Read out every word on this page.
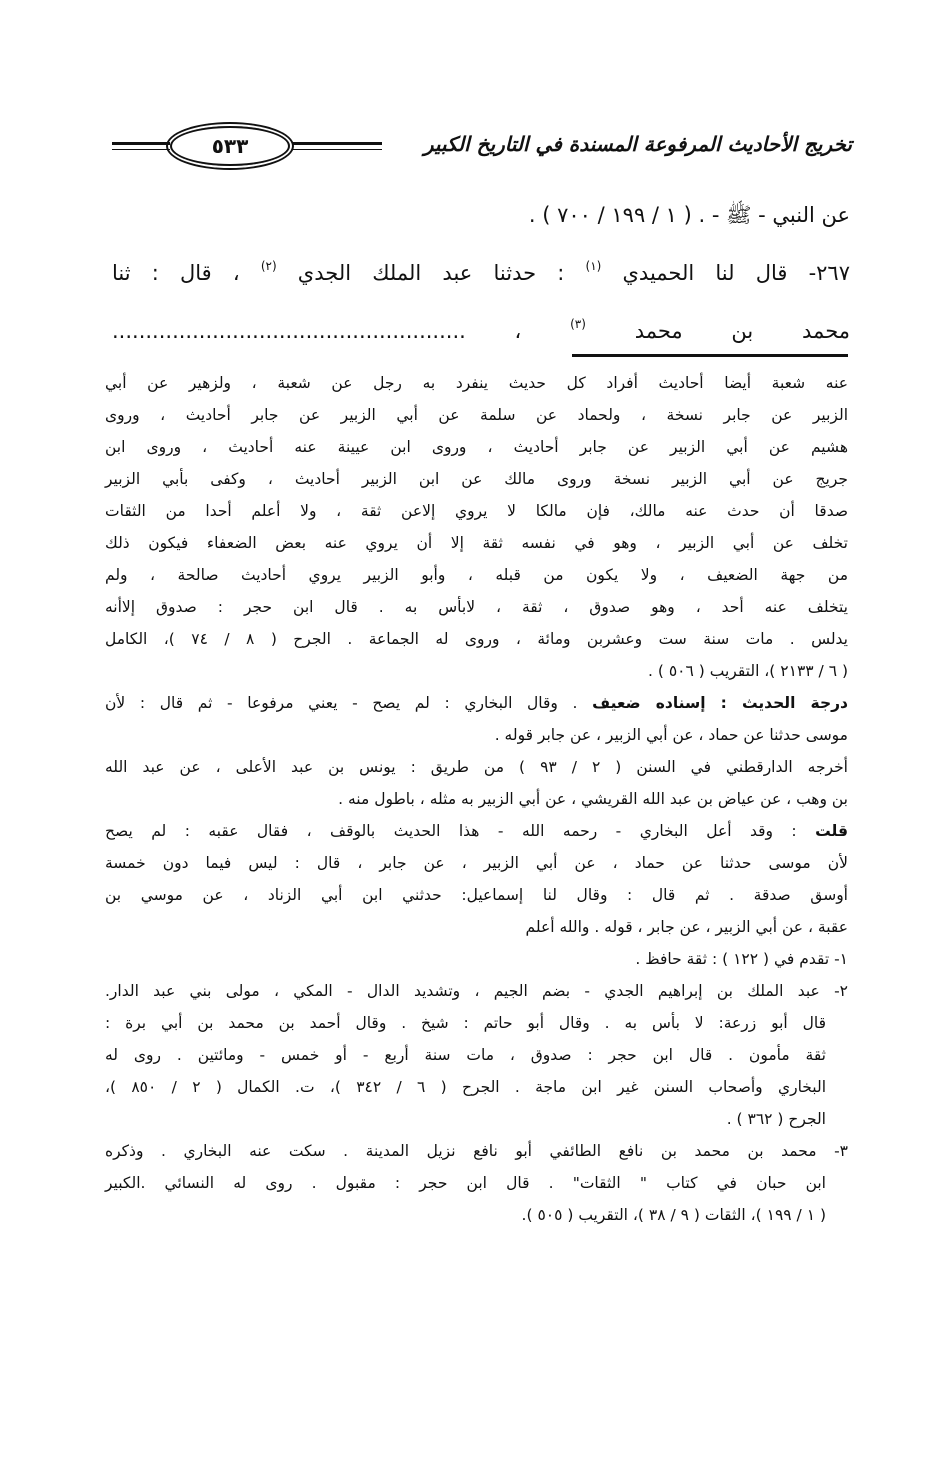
تخريج الأحاديث المرفوعة المسندة في التاريخ الكبير
٥٣٣
عن النبي - ﷺ - . ( ١ / ١٩٩ / ٧٠٠ ) .
٢٦٧- قال لنا الحميدي $^{(١)}$ : حدثنا عبد الملك الجدي $^{(٢)}$ ، قال : ثنا
محمد بن محمد $^{(٣)}$ ، .....................................................
عنه شعبة أيضا أحاديث أفراد كل حديث ينفرد به رجل عن شعبة ، ولزهير عن أبي
الزبير عن جابر نسخة ، ولحماد عن سلمة عن أبي الزبير عن جابر أحاديث ، وروى
هشيم عن أبي الزبير عن جابر أحاديث ، وروى ابن عيينة عنه أحاديث ، وروى ابن
جريج عن أبي الزبير نسخة وروى مالك عن ابن الزبير أحاديث ، وكفى بأبي الزبير
صدقا أن حدث عنه مالك، فإن مالكا لا يروي إلاعن ثقة ، ولا أعلم أحدا من الثقات
تخلف عن أبي الزبير ، وهو في نفسه ثقة إلا أن يروي عنه بعض الضعفاء فيكون ذلك
من جهة الضعيف ، ولا يكون من قبله ، وأبو الزبير يروي أحاديث صالحة ، ولم
يتخلف عنه أحد ، وهو صدوق ، ثقة ، لابأس به . قال ابن حجر : صدوق إلاأنه
يدلس . مات سنة ست وعشربن ومائة ، وروى له الجماعة . الجرح ( ٨ / ٧٤ )، الكامل
( ٦ / ٢١٣٣ )، التقريب ( ٥٠٦ ) .
درجة الحديث : إسناده ضعيف . وقال البخاري : لم يصح - يعني مرفوعا - ثم قال : لأن
موسى حدثنا عن حماد ، عن أبي الزبير ، عن جابر قوله .
أخرجه الدارقطني في السنن ( ٢ / ٩٣ ) من طريق : يونس بن عبد الأعلى ، عن عبد الله
بن وهب ، عن عياض بن عبد الله القريشي ، عن أبي الزبير به مثله ، باطول منه .
قلت : وقد أعل البخاري - رحمه الله - هذا الحديث بالوقف ، فقال عقبه : لم يصح
لأن موسى حدثنا عن حماد ، عن أبي الزبير ، عن جابر ، قال : ليس فيما دون خمسة
أوسق صدقة . ثم قال : وقال لنا إسماعيل: حدثني ابن أبي الزناد ، عن موسي بن
عقبة ، عن أبي الزبير ، عن جابر ، قوله . والله أعلم
١- تقدم في ( ١٢٢ ) : ثقة حافظ .
٢- عبد الملك بن إبراهيم الجدي - بضم الجيم ، وتشديد الدال - المكي ، مولى بني عبد الدار.
قال أبو زرعة: لا بأس به . وقال أبو حاتم : شيخ . وقال أحمد بن محمد بن أبي برة :
ثقة مأمون . قال ابن حجر : صدوق ، مات سنة أربع - أو خمس - ومائتين . روى له
البخاري وأصحاب السنن غير ابن ماجة . الجرح ( ٦ / ٣٤٢ )، ت. الكمال ( ٢ / ٨٥٠ )،
الجرح ( ٣٦٢ ) .
٣- محمد بن محمد بن نافع الطائفي أبو نافع نزيل المدينة . سكت عنه البخاري . وذكره
ابن حبان في كتاب " الثقات" . قال ابن حجر : مقبول . روى له النسائي .الكبير
( ١ / ١٩٩ )، الثقات ( ٩ / ٣٨ )، التقريب ( ٥٠٥ ).
